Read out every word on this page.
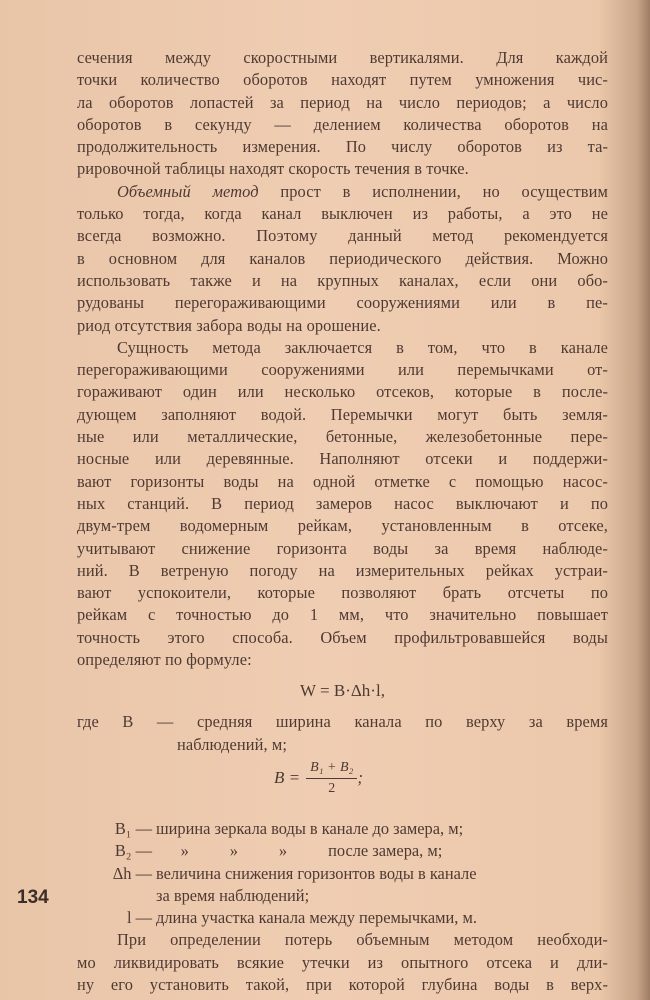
сечения между скоростными вертикалями. Для каждой
точки количество оборотов находят путем умножения чис-
ла оборотов лопастей за период на число периодов; а число
оборотов в секунду — делением количества оборотов на
продолжительность измерения. По числу оборотов из та-
рировочной таблицы находят скорость течения в точке.
Объемный метод прост в исполнении, но осуществим
только тогда, когда канал выключен из работы, а это не
всегда возможно. Поэтому данный метод рекомендуется
в основном для каналов периодического действия. Можно
использовать также и на крупных каналах, если они обо-
рудованы перегораживающими сооружениями или в пе-
риод отсутствия забора воды на орошение.
Сущность метода заключается в том, что в канале
перегораживающими сооружениями или перемычками от-
гораживают один или несколько отсеков, которые в после-
дующем заполняют водой. Перемычки могут быть земля-
ные или металлические, бетонные, железобетонные пере-
носные или деревянные. Наполняют отсеки и поддержи-
вают горизонты воды на одной отметке с помощью насос-
ных станций. В период замеров насос выключают и по
двум-трем водомерным рейкам, установленным в отсеке,
учитывают снижение горизонта воды за время наблюде-
ний. В ветреную погоду на измерительных рейках устраи-
вают успокоители, которые позволяют брать отсчеты по
рейкам с точностью до 1 мм, что значительно повышает
точность этого способа. Объем профильтровавшейся воды
определяют по формуле:
W = B·Δh·l,
где B — средняя ширина канала по верху за время
наблюдений, м;
$B = \frac{\text{B₁ + B₂}}{2}$ ;
B₁ — ширина зеркала воды в канале до замера, м;
B₂ — »          »          »          после замера, м;
Δh — величина снижения горизонтов воды в канале
за время наблюдений;
l — длина участка канала между перемычками, м.
При определении потерь объемным методом необходи-
мо ликвидировать всякие утечки из опытного отсека и дли-
ну его установить такой, при которой глубина воды в верх-
134
